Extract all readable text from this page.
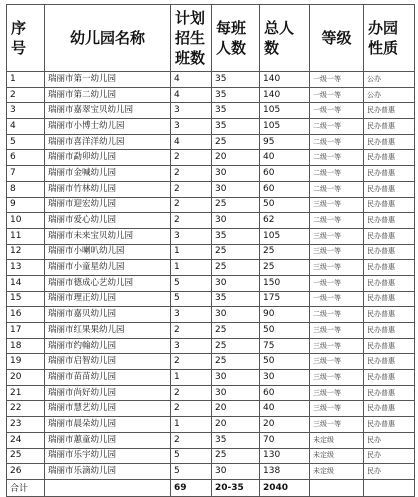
序号	幼儿园名称	计划招生班数	每班人数	总人数	等级	办园性质
1	瑞丽市第一幼儿园	4	35	140	一级一等	公办
2	瑞丽市第二幼儿园	4	35	140	一级一等	公办
3	瑞丽市嘉翠宝贝幼儿园	3	35	105	一级一等	民办普惠
4	瑞丽市小博士幼儿园	3	35	105	二级一等	民办普惠
5	瑞丽市喜洋洋幼儿园	4	25	95	二级一等	民办普惠
6	瑞丽市勐卯幼儿园	2	20	40	二级一等	民办普惠
7	瑞丽市金喊幼儿园	2	30	60	二级一等	民办普惠
8	瑞丽市竹林幼儿园	2	30	60	二级一等	民办普惠
9	瑞丽市迎宏幼儿园	2	25	50	三级一等	民办普惠
10	瑞丽市爱心幼儿园	2	30	62	二级一等	民办普惠
11	瑞丽市未来宝贝幼儿园	3	35	105	三级一等	民办普惠
12	瑞丽市小喇叭幼儿园	1	25	25	三级一等	民办普惠
13	瑞丽市小童星幼儿园	1	25	25	三级一等	民办普惠
14	瑞丽市德成心艺幼儿园	5	30	150	一级一等	民办普惠
15	瑞丽市理正幼儿园	5	35	175	一级一等	民办普惠
16	瑞丽市嘉贝幼儿园	3	30	90	二级一等	民办普惠
17	瑞丽市红果果幼儿园	2	25	50	三级一等	民办普惠
18	瑞丽市约翰幼儿园	3	25	75	三级一等	民办普惠
19	瑞丽市启智幼儿园	2	25	50	三级一等	民办普惠
20	瑞丽市苗苗幼儿园	1	30	30	三级一等	民办普惠
21	瑞丽市尚好幼儿园	2	30	60	三级一等	民办普惠
22	瑞丽市慧艺幼儿园	2	20	40	三级一等	民办普惠
23	瑞丽市晨朵幼儿园	1	20	20	三级一等	民办普惠
24	瑞丽市蕙童幼儿园	2	35	70	未定级	民办
25	瑞丽市乐宇幼儿园	5	25	130	未定级	民办
26	瑞丽市乐滴幼儿园	5	30	138	未定级	民办
合计		69	20-35	2040		
